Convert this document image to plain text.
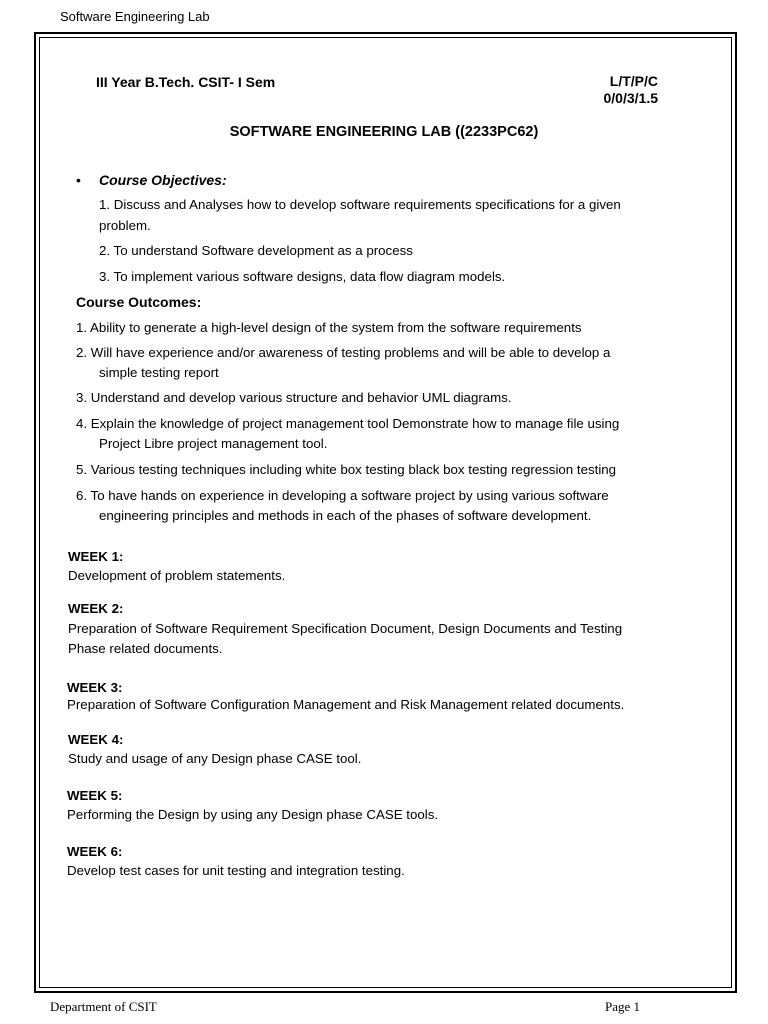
Software Engineering Lab
III Year B.Tech. CSIT- I Sem	L/T/P/C
0/0/3/1.5
SOFTWARE ENGINEERING LAB ((2233PC62)
• Course Objectives:
1. Discuss and Analyses how to develop software requirements specifications for a given
problem.
2. To understand Software development as a process
3. To implement various software designs, data flow diagram models.
Course Outcomes:
1. Ability to generate a high-level design of the system from the software requirements
2. Will have experience and/or awareness of testing problems and will be able to develop a
simple testing report
3. Understand and develop various structure and behavior UML diagrams.
4. Explain the knowledge of project management tool Demonstrate how to manage file using
Project Libre project management tool.
5. Various testing techniques including white box testing black box testing regression testing
6. To have hands on experience in developing a software project by using various software
engineering principles and methods in each of the phases of software development.
WEEK 1:
Development of problem statements.
WEEK 2:
Preparation of Software Requirement Specification Document, Design Documents and Testing
Phase related documents.
WEEK 3:
Preparation of Software Configuration Management and Risk Management related documents.
WEEK 4:
Study and usage of any Design phase CASE tool.
WEEK 5:
Performing the Design by using any Design phase CASE tools.
WEEK 6:
Develop test cases for unit testing and integration testing.
Department of CSIT	Page 1
